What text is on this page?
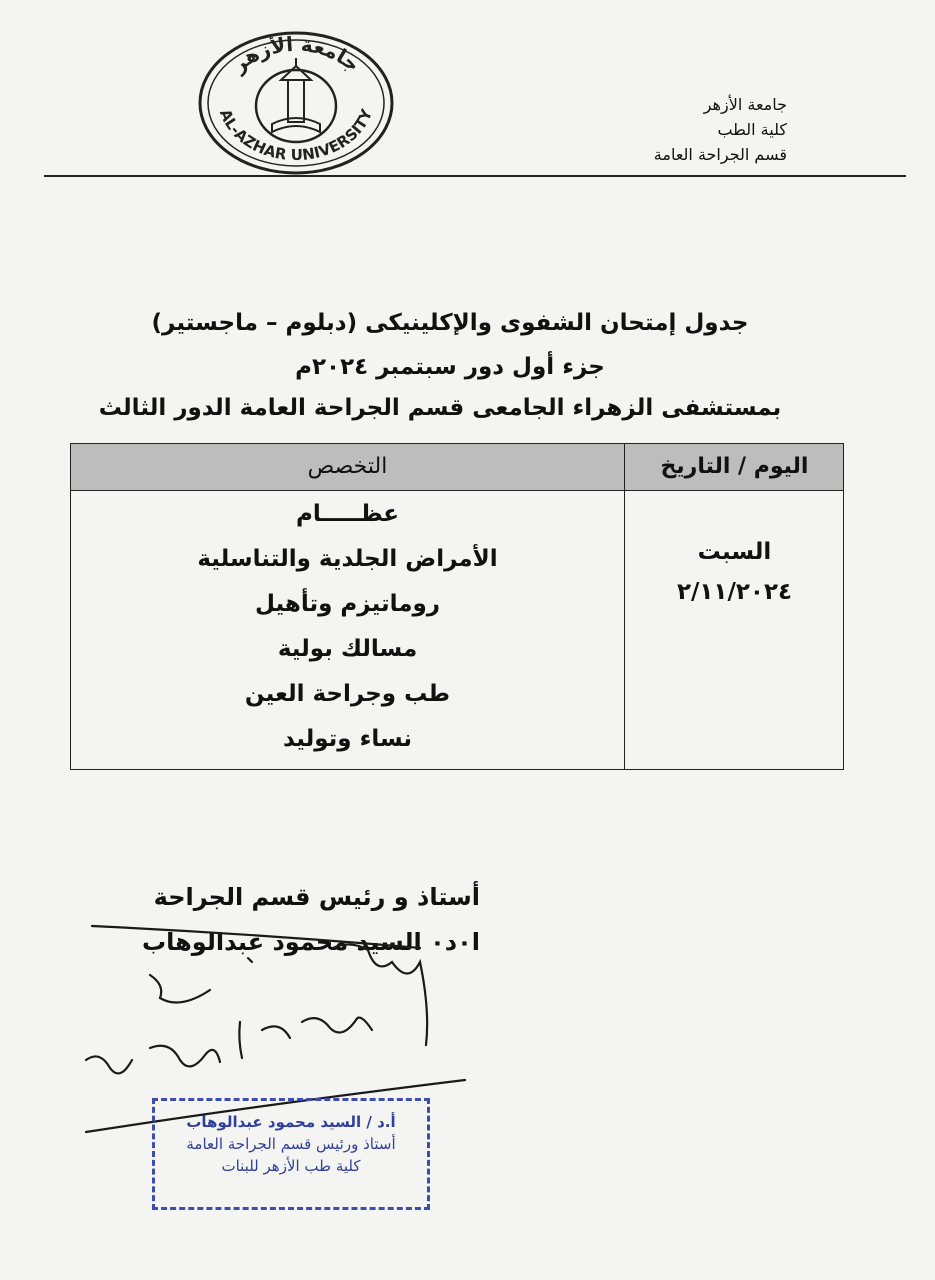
جامعة الأزهر
كلية الطب
قسم الجراحة العامة
جامعة الأزهر
AL-AZHAR UNIVERSITY
جدول إمتحان الشفوى والإكلينيكى (دبلوم – ماجستير)
جزء أول دور سبتمبر ٢٠٢٤م
بمستشفى الزهراء الجامعى قسم الجراحة العامة الدور الثالث
التخصص	اليوم / التاريخ
عظـــــام
الأمراض الجلدية والتناسلية
روماتيزم وتأهيل
مسالك بولية
طب وجراحة العين
نساء وتوليد
السبت
٢/١١/٢٠٢٤
أستاذ و رئيس قسم الجراحة
ا٠د٠ السيد محمود عبدالوهاب
أ.د / السيد محمود عبدالوهاب
أستاذ ورئيس قسم الجراحة العامة
كلية طب الأزهر للبنات
